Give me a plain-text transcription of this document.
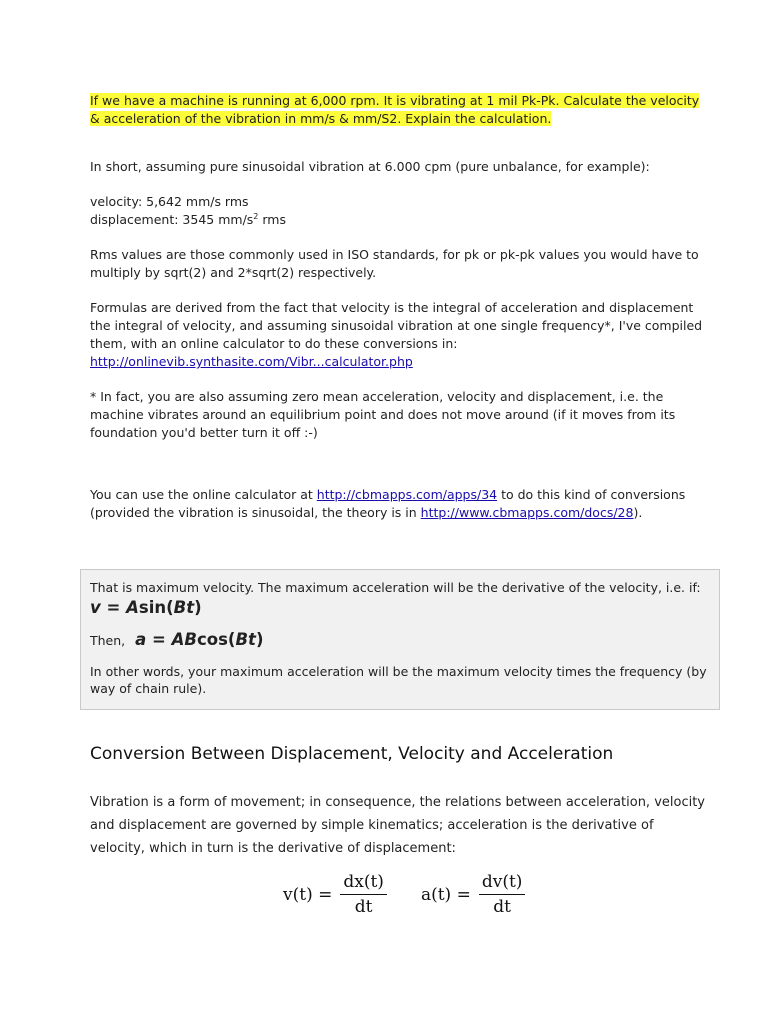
If we have a machine is running at 6,000 rpm. It is vibrating at 1 mil Pk-Pk. Calculate the velocity
& acceleration of the vibration in mm/s & mm/S2. Explain the calculation.

In short, assuming pure sinusoidal vibration at 6.000 cpm (pure unbalance, for example):

velocity: 5,642 mm/s rms

displacement: 3545 $mm/s^2$ rms

Rms values are those commonly used in ISO standards, for pk or pk-pk values you would have to multiply by sqrt(2) and 2*sqrt(2) respectively.

Formulas are derived from the fact that velocity is the integral of acceleration and displacement the integral of velocity, and assuming sinusoidal vibration at one single frequency*, I've compiled them, with an online calculator to do these conversions in:
http://onlinevib.synthasite.com/Vibr...calculator.php

* In fact, you are also assuming zero mean acceleration, velocity and displacement, i.e. the machine vibrates around an equilibrium point and does not move around (if it moves from its foundation you'd better turn it off :-)

You can use the online calculator at http://cbmapps.com/apps/34 to do this kind of conversions (provided the vibration is sinusoidal, the theory is in http://www.cbmapps.com/docs/28).

That is maximum velocity. The maximum acceleration will be the derivative of the velocity, i.e. if:

v = Asin(Bt)
Then, a = ABcos(Bt)

In other words, your maximum acceleration will be the maximum velocity times the frequency (by way of chain rule).

Conversion Between Displacement, Velocity and Acceleration

Vibration is a form of movement; in consequence, the relations between acceleration, velocity and displacement are governed by simple kinematics; acceleration is the derivative of velocity, which in turn is the derivative of displacement:

$v(t) = \frac{dx(t)}{dt} a(t) = \frac{dv(t)}{dt}$
